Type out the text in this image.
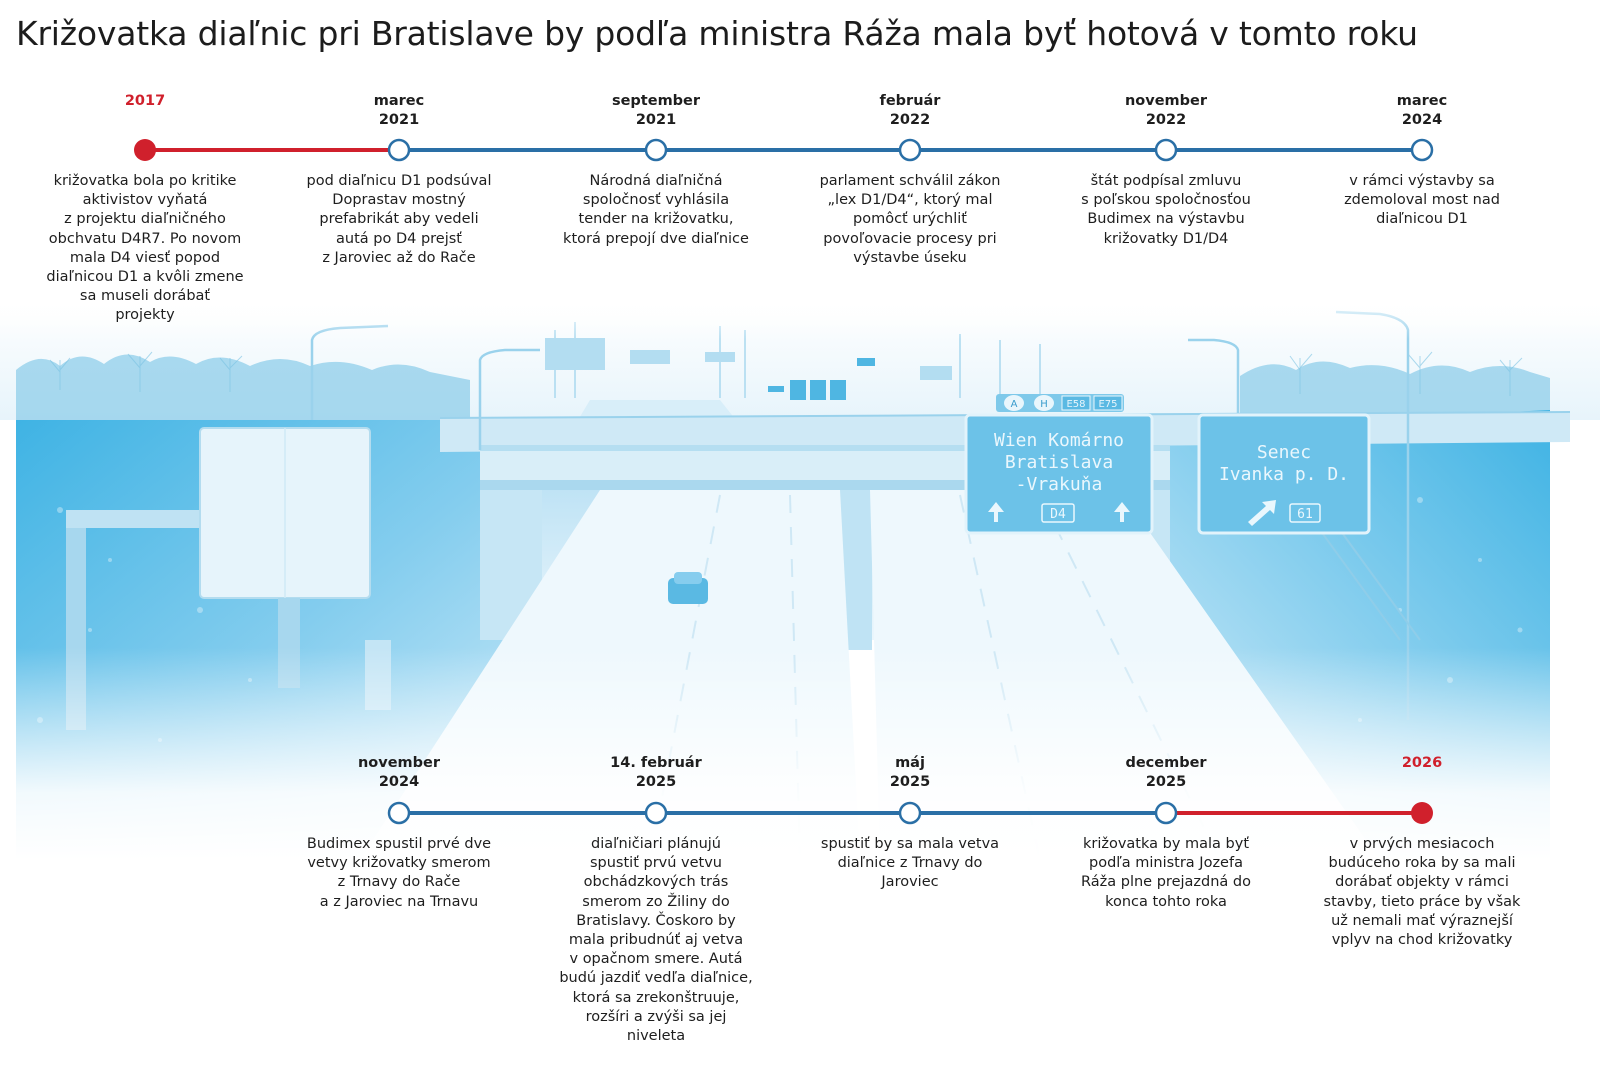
Križovatka diaľnic pri Bratislave by podľa ministra Ráža mala byť hotová v tomto roku
A H E58 E75
Wien Komárno
Bratislava
-Vrakuňa
D4
Senec
Ivanka p. D.
61
2017
križovatka bola po kritike
aktivistov vyňatá
z projektu diaľničného
obchvatu D4R7. Po novom
mala D4 viesť popod
diaľnicou D1 a kvôli zmene
sa museli dorábať
projekty
marec
2021
pod diaľnicu D1 podsúval
Doprastav mostný
prefabrikát aby vedeli
autá po D4 prejsť
z Jaroviec až do Rače
september
2021
Národná diaľničná
spoločnosť vyhlásila
tender na križovatku,
ktorá prepojí dve diaľnice
február
2022
parlament schválil zákon
„lex D1/D4“, ktorý mal
pomôcť urýchliť
povoľovacie procesy pri
výstavbe úseku
november
2022
štát podpísal zmluvu
s poľskou spoločnosťou
Budimex na výstavbu
križovatky D1/D4
marec
2024
v rámci výstavby sa
zdemoloval most nad
diaľnicou D1
november
2024
Budimex spustil prvé dve
vetvy križovatky smerom
z Trnavy do Rače
a z Jaroviec na Trnavu
14. február
2025
diaľničiari plánujú
spustiť prvú vetvu
obchádzkových trás
smerom zo Žiliny do
Bratislavy. Čoskoro by
mala pribudnúť aj vetva
v opačnom smere. Autá
budú jazdiť vedľa diaľnice,
ktorá sa zrekonštruuje,
rozšíri a zvýši sa jej
niveleta
máj
2025
spustiť by sa mala vetva
diaľnice z Trnavy do
Jaroviec
december
2025
križovatka by mala byť
podľa ministra Jozefa
Ráža plne prejazdná do
konca tohto roka
2026
v prvých mesiacoch
budúceho roka by sa mali
dorábať objekty v rámci
stavby, tieto práce by však
už nemali mať výraznejší
vplyv na chod križovatky
